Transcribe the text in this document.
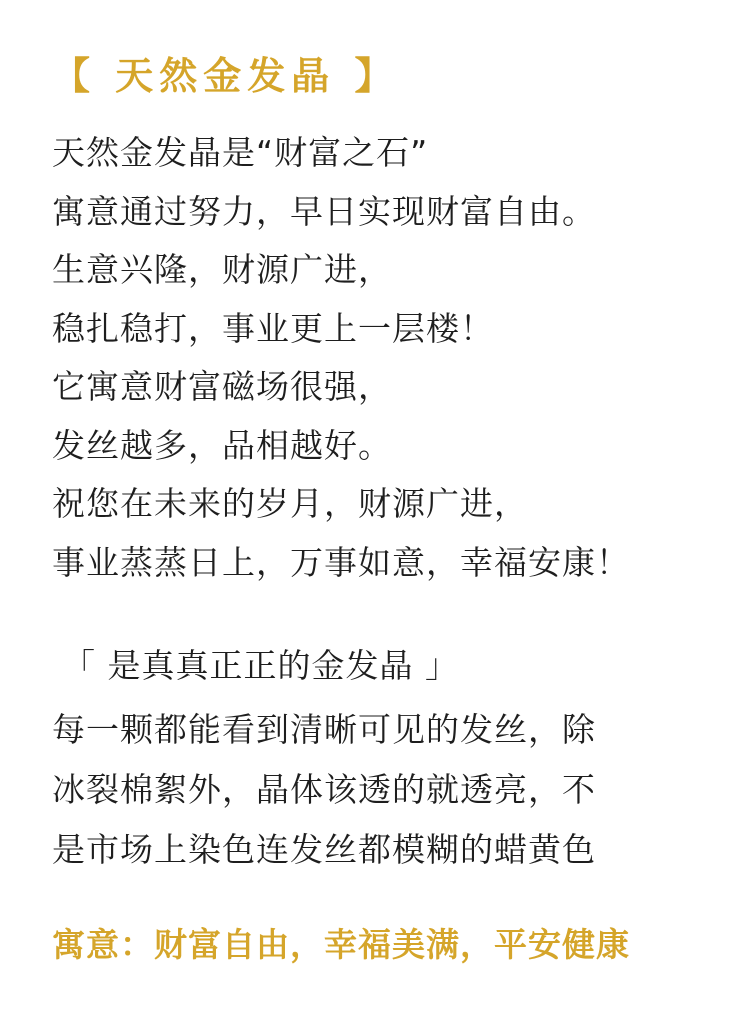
【 天然金发晶 】
天然金发晶是“财富之石”
寓意通过努力，早日实现财富自由。
生意兴隆，财源广进，
稳扎稳打，事业更上一层楼！
它寓意财富磁场很强，
发丝越多，品相越好。
祝您在未来的岁月，财源广进，
事业蒸蒸日上，万事如意，幸福安康！
「 是真真正正的金发晶 」
每一颗都能看到清晰可见的发丝，除
冰裂棉絮外，晶体该透的就透亮，不
是市场上染色连发丝都模糊的蜡黄色

寓意：财富自由，幸福美满，平安健康
